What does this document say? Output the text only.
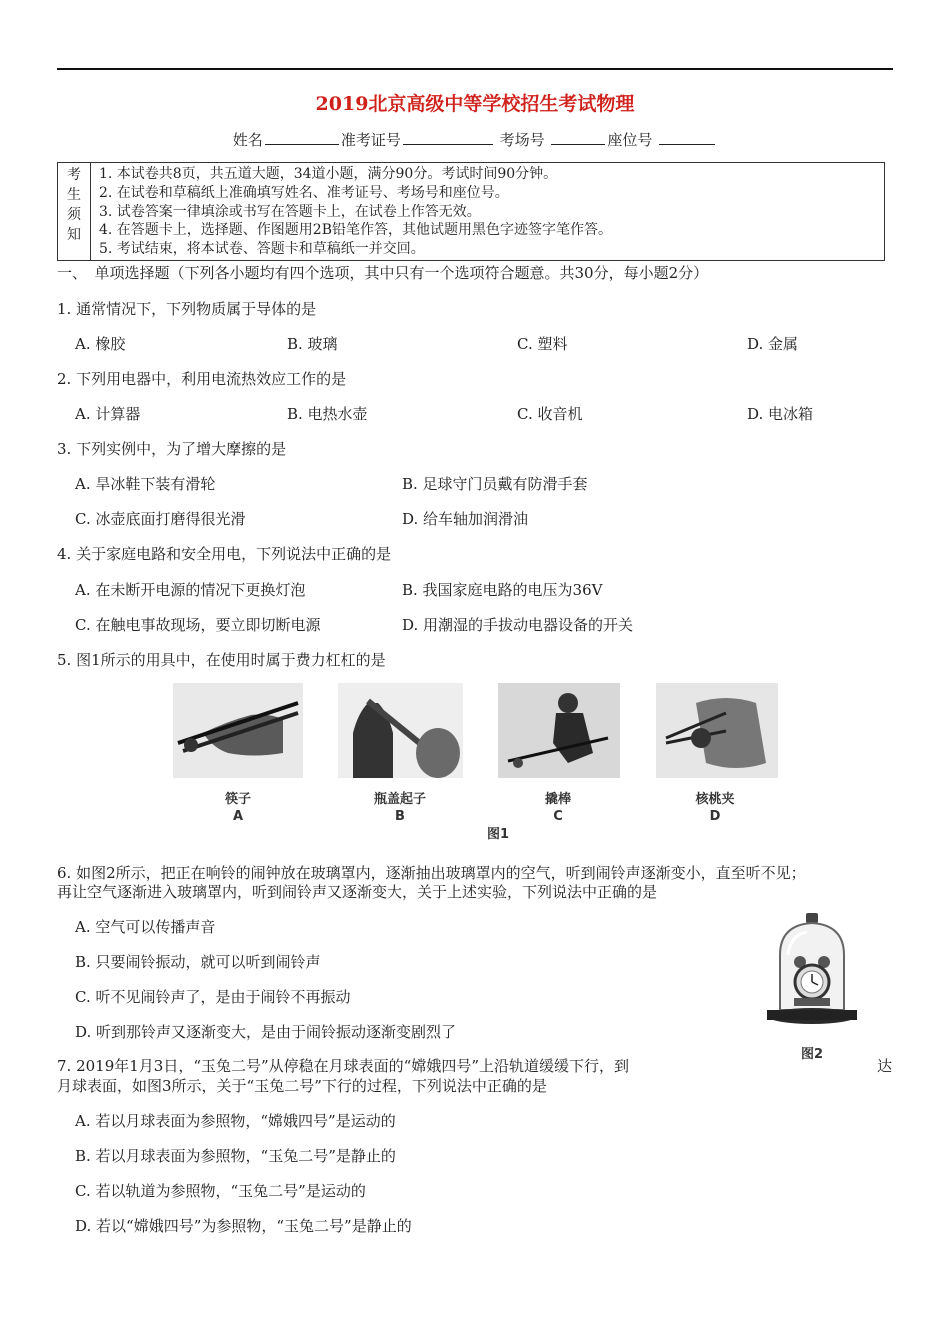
2019北京高级中等学校招生考试物理
姓名	准考证号	考场号	座位号
考
生
须
知
1. 本试卷共8页，共五道大题，34道小题，满分90分。考试时间90分钟。
2. 在试卷和草稿纸上准确填写姓名、准考证号、考场号和座位号。
3. 试卷答案一律填涂或书写在答题卡上，在试卷上作答无效。
4. 在答题卡上，选择题、作图题用2B铅笔作答，其他试题用黑色字迹签字笔作答。
5. 考试结束，将本试卷、答题卡和草稿纸一并交回。
一、　单项选择题（下列各小题均有四个选项，其中只有一个选项符合题意。共30分，每小题2分）
1. 通常情况下，下列物质属于导体的是
A. 橡胶	B. 玻璃	C. 塑料	D. 金属
2. 下列用电器中，利用电流热效应工作的是
A. 计算器	B. 电热水壶	C. 收音机	D. 电冰箱
3. 下列实例中，为了增大摩擦的是
A. 旱冰鞋下装有滑轮	B. 足球守门员戴有防滑手套
C. 冰壶底面打磨得很光滑	D. 给车轴加润滑油
4. 关于家庭电路和安全用电，下列说法中正确的是
A. 在未断开电源的情况下更换灯泡	B. 我国家庭电路的电压为36V
C. 在触电事故现场，要立即切断电源	D. 用潮湿的手拔动电器设备的开关
5. 图1所示的用具中，在使用时属于费力杠杠的是
筷子
A
瓶盖起子
B
撬棒
C
核桃夹
D
图1
6. 如图2所示，把正在响铃的闹钟放在玻璃罩内，逐渐抽出玻璃罩内的空气，听到闹铃声逐渐变小，直至听不见；
再让空气逐渐进入玻璃罩内，听到闹铃声又逐渐变大，关于上述实验，下列说法中正确的是
A. 空气可以传播声音
B. 只要闹铃振动，就可以听到闹铃声
C. 听不见闹铃声了，是由于闹铃不再振动
D. 听到那铃声又逐渐变大，是由于闹铃振动逐渐变剧烈了
图2
7. 2019年1月3日，“玉兔二号”从停稳在月球表面的“嫦娥四号”上沿轨道缓缓下行，到	达
月球表面，如图3所示，关于“玉兔二号”下行的过程，下列说法中正确的是
A. 若以月球表面为参照物，“嫦娥四号”是运动的
B. 若以月球表面为参照物，“玉兔二号”是静止的
C. 若以轨道为参照物，“玉兔二号”是运动的
D. 若以“嫦娥四号”为参照物，“玉兔二号”是静止的
